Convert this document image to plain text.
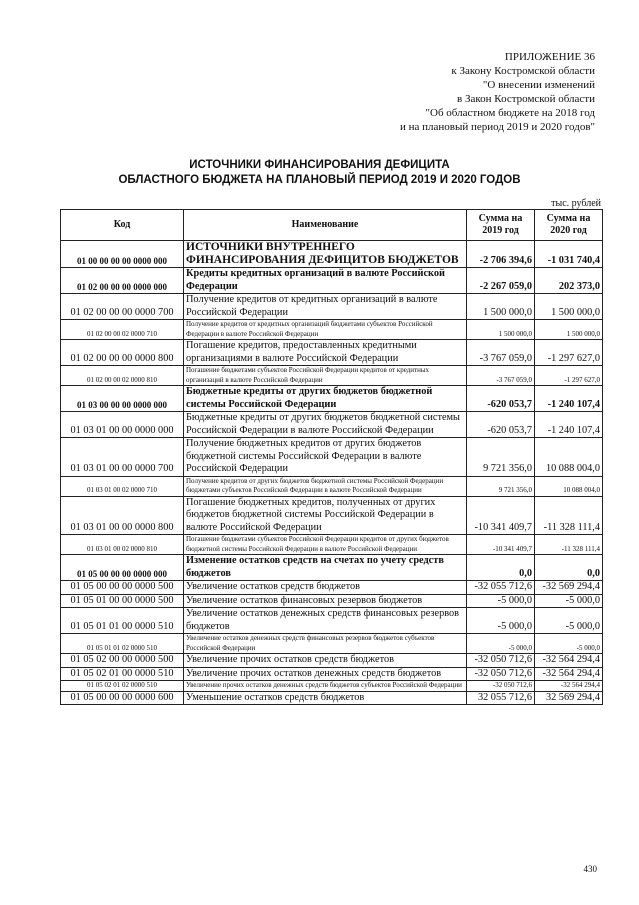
ПРИЛОЖЕНИЕ 36
к Закону Костромской области
"О внесении изменений
в Закон Костромской области
"Об областном бюджете на 2018 год
и на плановый период 2019 и 2020 годов"
ИСТОЧНИКИ ФИНАНСИРОВАНИЯ ДЕФИЦИТА
ОБЛАСТНОГО БЮДЖЕТА НА ПЛАНОВЫЙ ПЕРИОД 2019 И 2020 ГОДОВ
тыс. рублей
Код	Наименование	Сумма на 2019 год	Сумма на 2020 год
01 00 00 00 00 0000 000	ИСТОЧНИКИ ВНУТРЕННЕГО ФИНАНСИРОВАНИЯ ДЕФИЦИТОВ БЮДЖЕТОВ	-2 706 394,6	-1 031 740,4
01 02 00 00 00 0000 000	Кредиты кредитных организаций в валюте Российской Федерации	-2 267 059,0	202 373,0
01 02 00 00 00 0000 700	Получение кредитов от кредитных организаций в валюте Российской Федерации	1 500 000,0	1 500 000,0
01 02 00 00 02 0000 710	Получение кредитов от кредитных организаций бюджетами субъектов Российской Федерации в валюте Российской Федерации	1 500 000,0	1 500 000,0
01 02 00 00 00 0000 800	Погашение кредитов, предоставленных кредитными организациями в валюте Российской Федерации	-3 767 059,0	-1 297 627,0
01 02 00 00 02 0000 810	Погашение бюджетами субъектов Российской Федерации кредитов от кредитных организаций в валюте Российской Федерации	-3 767 059,0	-1 297 627,0
01 03 00 00 00 0000 000	Бюджетные кредиты от других бюджетов бюджетной системы Российской Федерации	-620 053,7	-1 240 107,4
01 03 01 00 00 0000 000	Бюджетные кредиты от других бюджетов бюджетной системы Российской Федерации в валюте Российской Федерации	-620 053,7	-1 240 107,4
01 03 01 00 00 0000 700	Получение бюджетных кредитов от других бюджетов бюджетной системы Российской Федерации в валюте Российской Федерации	9 721 356,0	10 088 004,0
01 03 01 00 02 0000 710	Получение кредитов от других бюджетов бюджетной системы Российской Федерации бюджетами субъектов Российской Федерации в валюте Российской Федерации	9 721 356,0	10 088 004,0
01 03 01 00 00 0000 800	Погашение бюджетных кредитов, полученных от других бюджетов бюджетной системы Российской Федерации в валюте Российской Федерации	-10 341 409,7	-11 328 111,4
01 03 01 00 02 0000 810	Погашение бюджетами субъектов Российской Федерации кредитов от других бюджетов бюджетной системы Российской Федерации в валюте Российской Федерации	-10 341 409,7	-11 328 111,4
01 05 00 00 00 0000 000	Изменение остатков средств на счетах по учету средств бюджетов	0,0	0,0
01 05 00 00 00 0000 500	Увеличение остатков средств бюджетов	-32 055 712,6	-32 569 294,4
01 05 01 00 00 0000 500	Увеличение остатков финансовых резервов бюджетов	-5 000,0	-5 000,0
01 05 01 01 00 0000 510	Увеличение остатков денежных средств финансовых резервов бюджетов	-5 000,0	-5 000,0
01 05 01 01 02 0000 510	Увеличение остатков денежных средств финансовых резервов бюджетов субъектов Российской Федерации	-5 000,0	-5 000,0
01 05 02 00 00 0000 500	Увеличение прочих остатков средств бюджетов	-32 050 712,6	-32 564 294,4
01 05 02 01 00 0000 510	Увеличение прочих остатков денежных средств бюджетов	-32 050 712,6	-32 564 294,4
01 05 02 01 02 0000 510	Увеличение прочих остатков денежных средств бюджетов субъектов Российской Федерации	-32 050 712,6	-32 564 294,4
01 05 00 00 00 0000 600	Уменьшение остатков средств бюджетов	32 055 712,6	32 569 294,4
430
